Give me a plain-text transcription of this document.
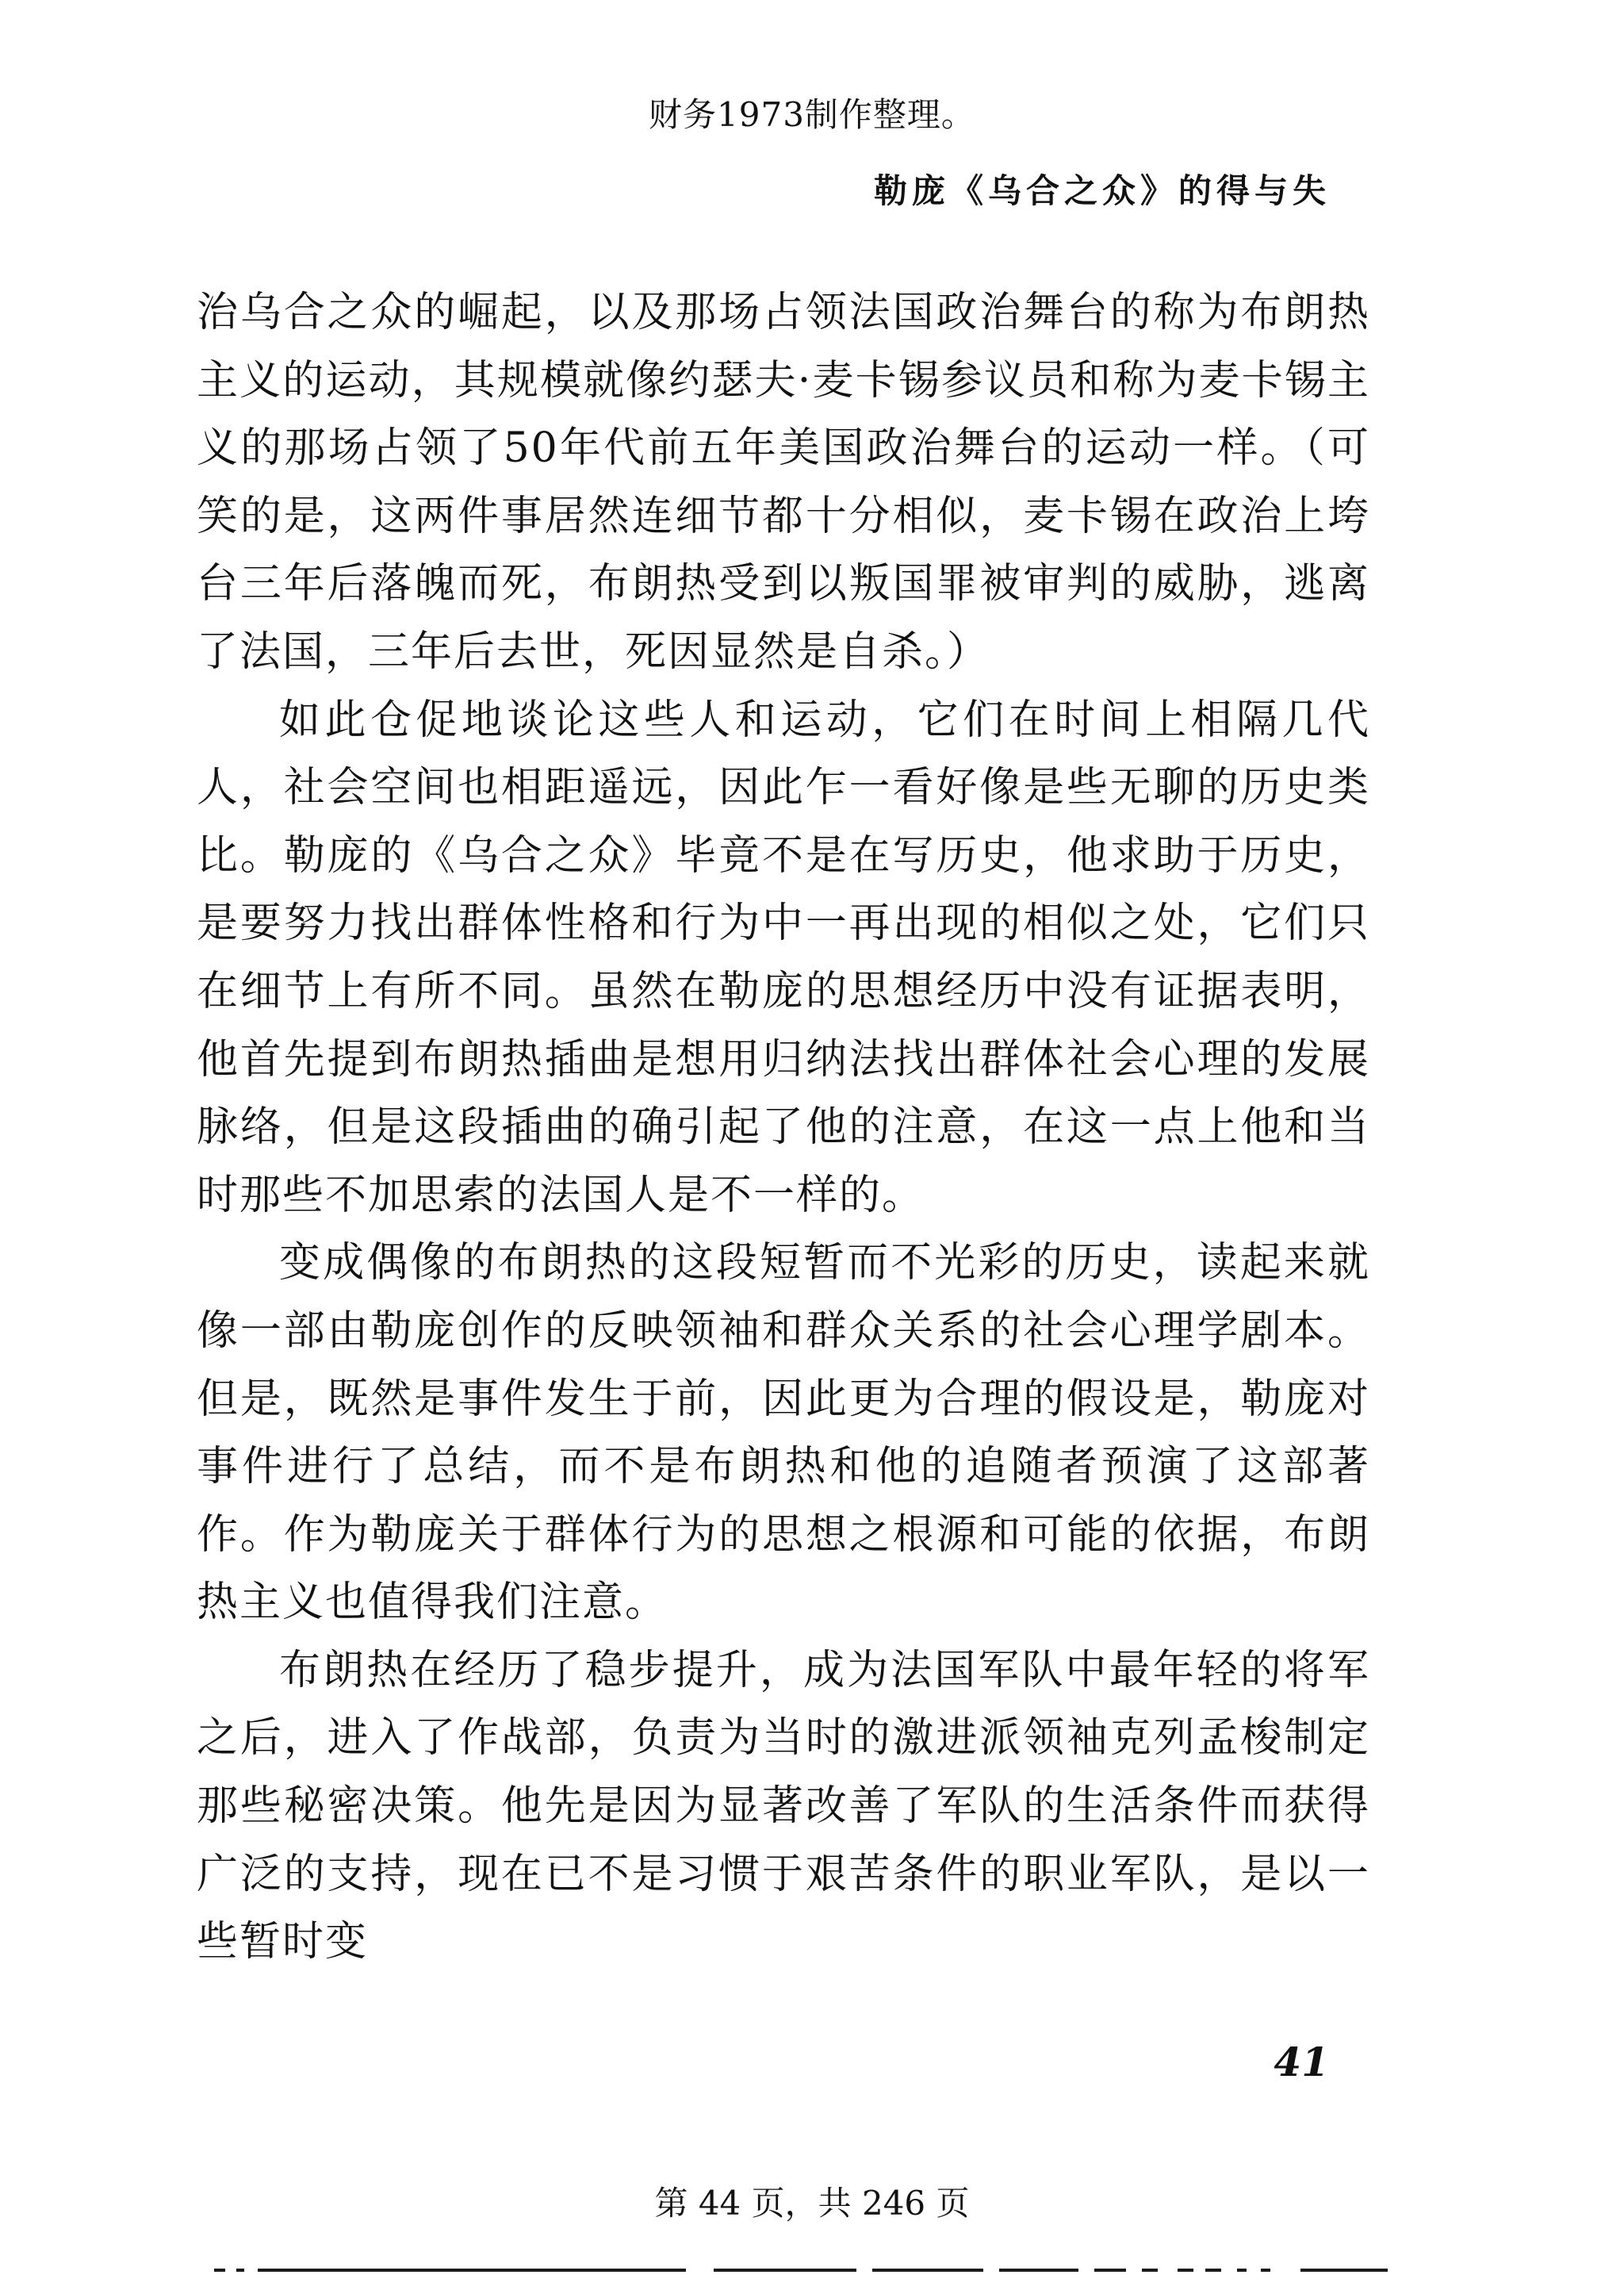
财务1973制作整理。
勒庞《乌合之众》的得与失

治乌合之众的崛起，以及那场占领法国政治舞台的称为布朗热主义的运动，其规模就像约瑟夫·麦卡锡参议员和称为麦卡锡主义的那场占领了50年代前五年美国政治舞台的运动一样。（可笑的是，这两件事居然连细节都十分相似，麦卡锡在政治上垮台三年后落魄而死，布朗热受到以叛国罪被审判的威胁，逃离了法国，三年后去世，死因显然是自杀。）

如此仓促地谈论这些人和运动，它们在时间上相隔几代人，社会空间也相距遥远，因此乍一看好像是些无聊的历史类比。勒庞的《乌合之众》毕竟不是在写历史，他求助于历史，是要努力找出群体性格和行为中一再出现的相似之处，它们只在细节上有所不同。虽然在勒庞的思想经历中没有证据表明，他首先提到布朗热插曲是想用归纳法找出群体社会心理的发展脉络，但是这段插曲的确引起了他的注意，在这一点上他和当时那些不加思索的法国人是不一样的。

变成偶像的布朗热的这段短暂而不光彩的历史，读起来就像一部由勒庞创作的反映领袖和群众关系的社会心理学剧本。但是，既然是事件发生于前，因此更为合理的假设是，勒庞对事件进行了总结，而不是布朗热和他的追随者预演了这部著作。作为勒庞关于群体行为的思想之根源和可能的依据，布朗热主义也值得我们注意。

布朗热在经历了稳步提升，成为法国军队中最年轻的将军之后，进入了作战部，负责为当时的激进派领袖克列孟梭制定那些秘密决策。他先是因为显著改善了军队的生活条件而获得广泛的支持，现在已不是习惯于艰苦条件的职业军队，是以一些暂时变

41
第 44 页，共 246 页
